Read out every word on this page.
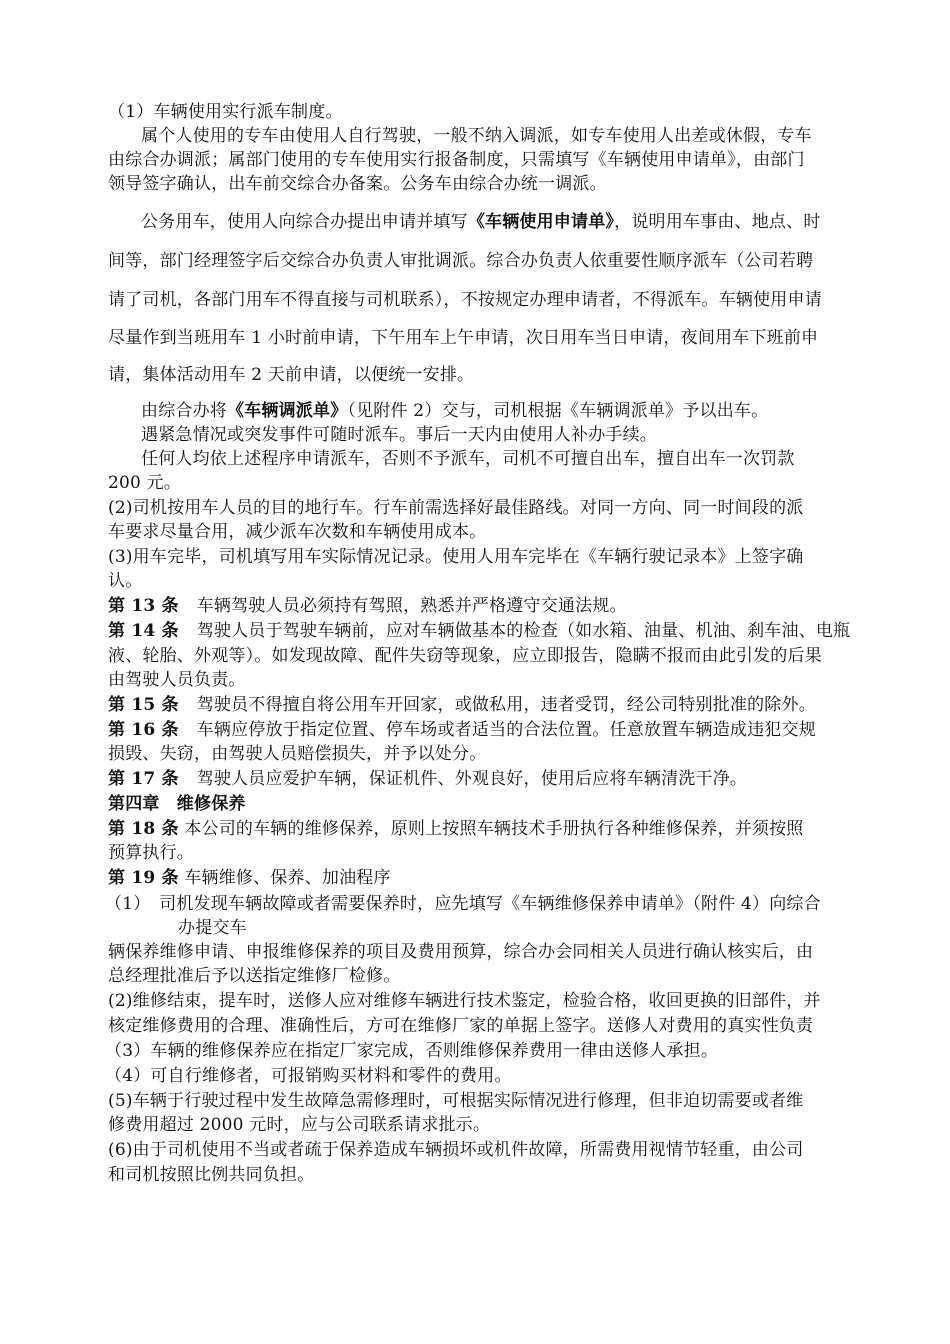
（1）车辆使用实行派车制度。
属个人使用的专车由使用人自行驾驶，一般不纳入调派，如专车使用人出差或休假，专车
由综合办调派；属部门使用的专车使用实行报备制度，只需填写《车辆使用申请单》，由部门
领导签字确认，出车前交综合办备案。公务车由综合办统一调派。
公务用车，使用人向综合办提出申请并填写《车辆使用申请单》，说明用车事由、地点、时
间等，部门经理签字后交综合办负责人审批调派。综合办负责人依重要性顺序派车（公司若聘
请了司机，各部门用车不得直接与司机联系），不按规定办理申请者，不得派车。车辆使用申请
尽量作到当班用车 1 小时前申请，下午用车上午申请，次日用车当日申请，夜间用车下班前申
请，集体活动用车 2 天前申请，以便统一安排。
由综合办将《车辆调派单》（见附件 2）交与，司机根据《车辆调派单》予以出车。
遇紧急情况或突发事件可随时派车。事后一天内由使用人补办手续。
任何人均依上述程序申请派车，否则不予派车，司机不可擅自出车，擅自出车一次罚款
200 元。
(2)司机按用车人员的目的地行车。行车前需选择好最佳路线。对同一方向、同一时间段的派
车要求尽量合用，减少派车次数和车辆使用成本。
(3)用车完毕，司机填写用车实际情况记录。使用人用车完毕在《车辆行驶记录本》上签字确
认。
第 13 条 车辆驾驶人员必须持有驾照，熟悉并严格遵守交通法规。
第 14 条 驾驶人员于驾驶车辆前，应对车辆做基本的检查（如水箱、油量、机油、刹车油、电瓶
液、轮胎、外观等）。如发现故障、配件失窃等现象，应立即报告，隐瞒不报而由此引发的后果
由驾驶人员负责。
第 15 条 驾驶员不得擅自将公用车开回家，或做私用，违者受罚，经公司特别批准的除外。
第 16 条 车辆应停放于指定位置、停车场或者适当的合法位置。任意放置车辆造成违犯交规
损毁、失窃，由驾驶人员赔偿损失，并予以处分。
第 17 条 驾驶人员应爱护车辆，保证机件、外观良好，使用后应将车辆清洗干净。
第四章　维修保养
第 18 条 本公司的车辆的维修保养，原则上按照车辆技术手册执行各种维修保养，并须按照
预算执行。
第 19 条 车辆维修、保养、加油程序
（1）　司机发现车辆故障或者需要保养时，应先填写《车辆维修保养申请单》（附件 4）向综合
办提交车
辆保养维修申请、申报维修保养的项目及费用预算，综合办会同相关人员进行确认核实后，由
总经理批准后予以送指定维修厂检修。
(2)维修结束，提车时，送修人应对维修车辆进行技术鉴定，检验合格，收回更换的旧部件，并
核定维修费用的合理、准确性后，方可在维修厂家的单据上签字。送修人对费用的真实性负责
（3）车辆的维修保养应在指定厂家完成，否则维修保养费用一律由送修人承担。
（4）可自行维修者，可报销购买材料和零件的费用。
(5)车辆于行驶过程中发生故障急需修理时，可根据实际情况进行修理，但非迫切需要或者维
修费用超过 2000 元时，应与公司联系请求批示。
(6)由于司机使用不当或者疏于保养造成车辆损坏或机件故障，所需费用视情节轻重，由公司
和司机按照比例共同负担。
